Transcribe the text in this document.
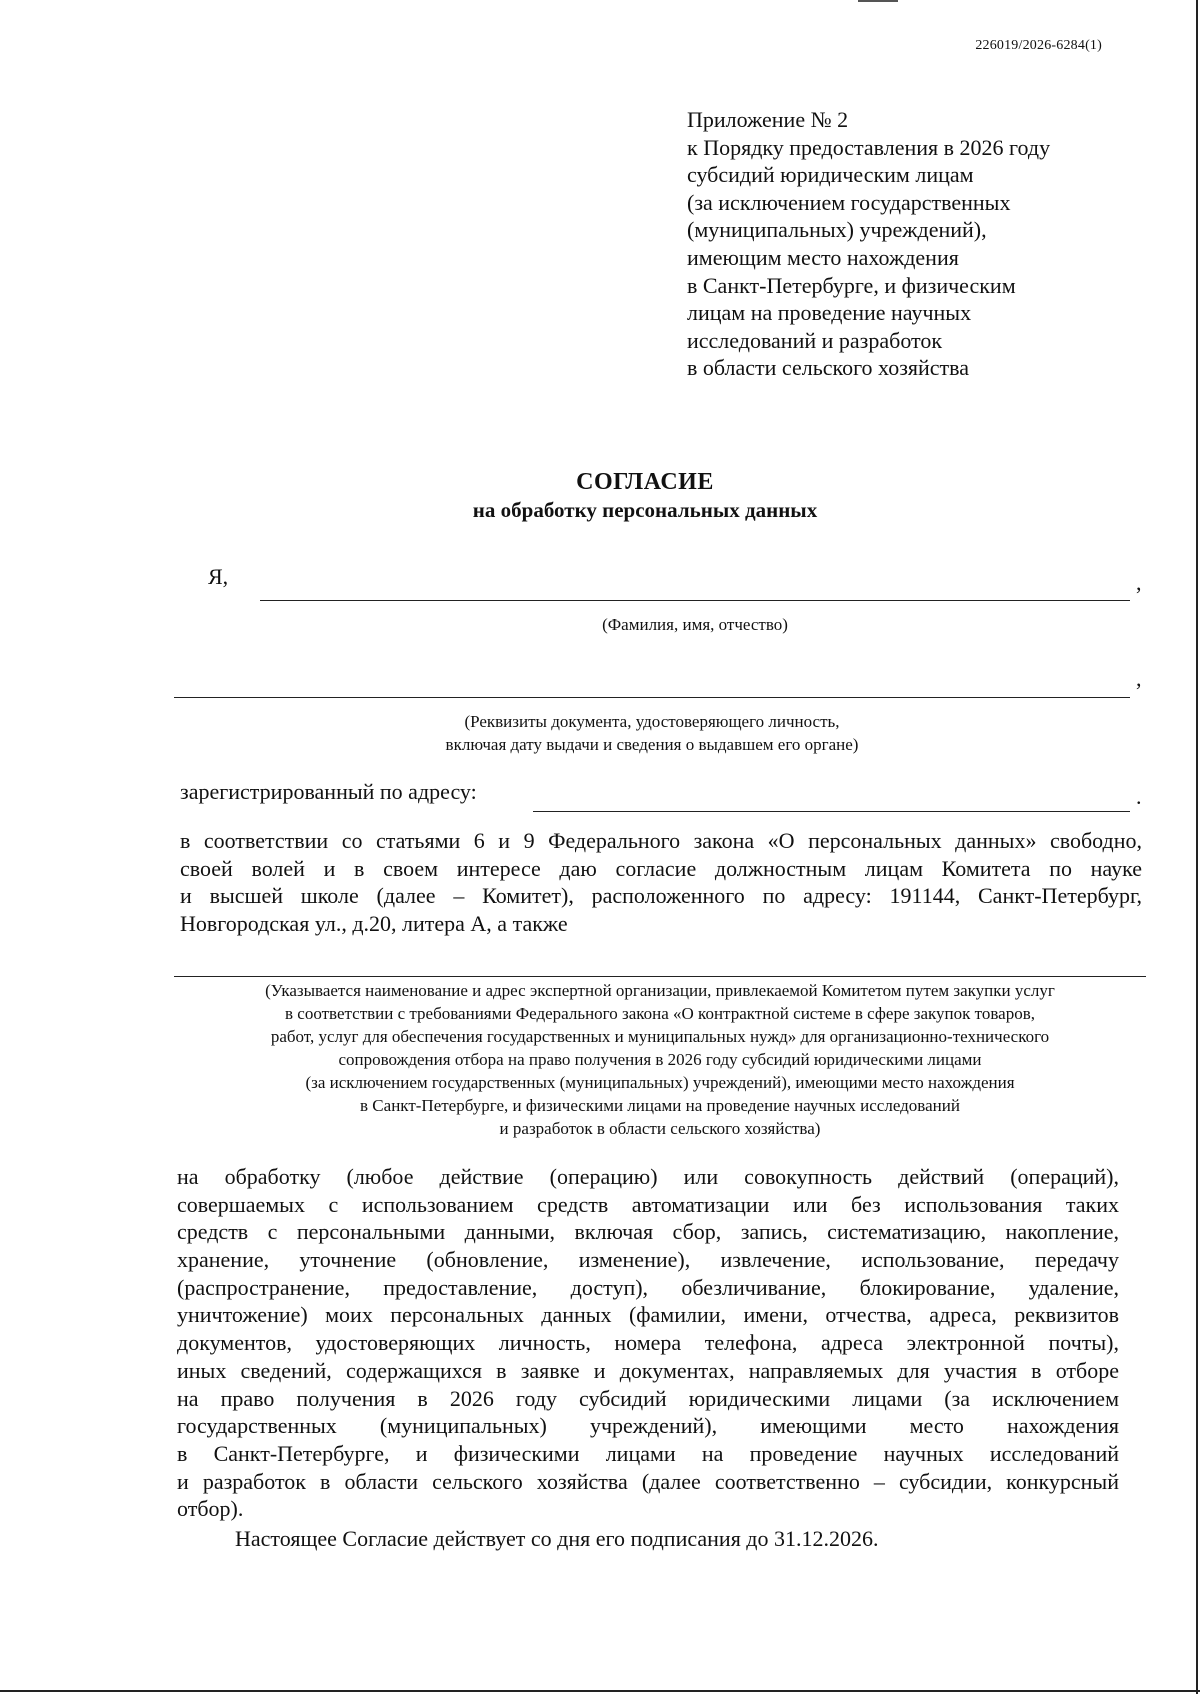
226019/2026-6284(1)
Приложение № 2
к Порядку предоставления в 2026 году
субсидий юридическим лицам
(за исключением государственных
(муниципальных) учреждений),
имеющим место нахождения
в Санкт-Петербурге, и физическим
лицам на проведение научных
исследований и разработок
в области сельского хозяйства
СОГЛАСИЕ
на обработку персональных данных
Я,	,
(Фамилия, имя, отчество)
,
(Реквизиты документа, удостоверяющего личность,
включая дату выдачи и сведения о выдавшем его органе)
зарегистрированный по адресу:	.
в соответствии со статьями 6 и 9 Федерального закона «О персональных данных» свободно,
своей волей и в своем интересе даю согласие должностным лицам Комитета по науке
и высшей школе (далее – Комитет), расположенного по адресу: 191144, Санкт-Петербург,
Новгородская ул., д.20, литера А, а также
(Указывается наименование и адрес экспертной организации, привлекаемой Комитетом путем закупки услуг
в соответствии с требованиями Федерального закона «О контрактной системе в сфере закупок товаров,
работ, услуг для обеспечения государственных и муниципальных нужд» для организационно-технического
сопровождения отбора на право получения в 2026 году субсидий юридическими лицами
(за исключением государственных (муниципальных) учреждений), имеющими место нахождения
в Санкт-Петербурге, и физическими лицами на проведение научных исследований
и разработок в области сельского хозяйства)
на обработку (любое действие (операцию) или совокупность действий (операций),
совершаемых с использованием средств автоматизации или без использования таких
средств с персональными данными, включая сбор, запись, систематизацию, накопление,
хранение, уточнение (обновление, изменение), извлечение, использование, передачу
(распространение, предоставление, доступ), обезличивание, блокирование, удаление,
уничтожение) моих персональных данных (фамилии, имени, отчества, адреса, реквизитов
документов, удостоверяющих личность, номера телефона, адреса электронной почты),
иных сведений, содержащихся в заявке и документах, направляемых для участия в отборе
на право получения в 2026 году субсидий юридическими лицами (за исключением
государственных (муниципальных) учреждений), имеющими место нахождения
в Санкт-Петербурге, и физическими лицами на проведение научных исследований
и разработок в области сельского хозяйства (далее соответственно – субсидии, конкурсный
отбор).
Настоящее Согласие действует со дня его подписания до 31.12.2026.
